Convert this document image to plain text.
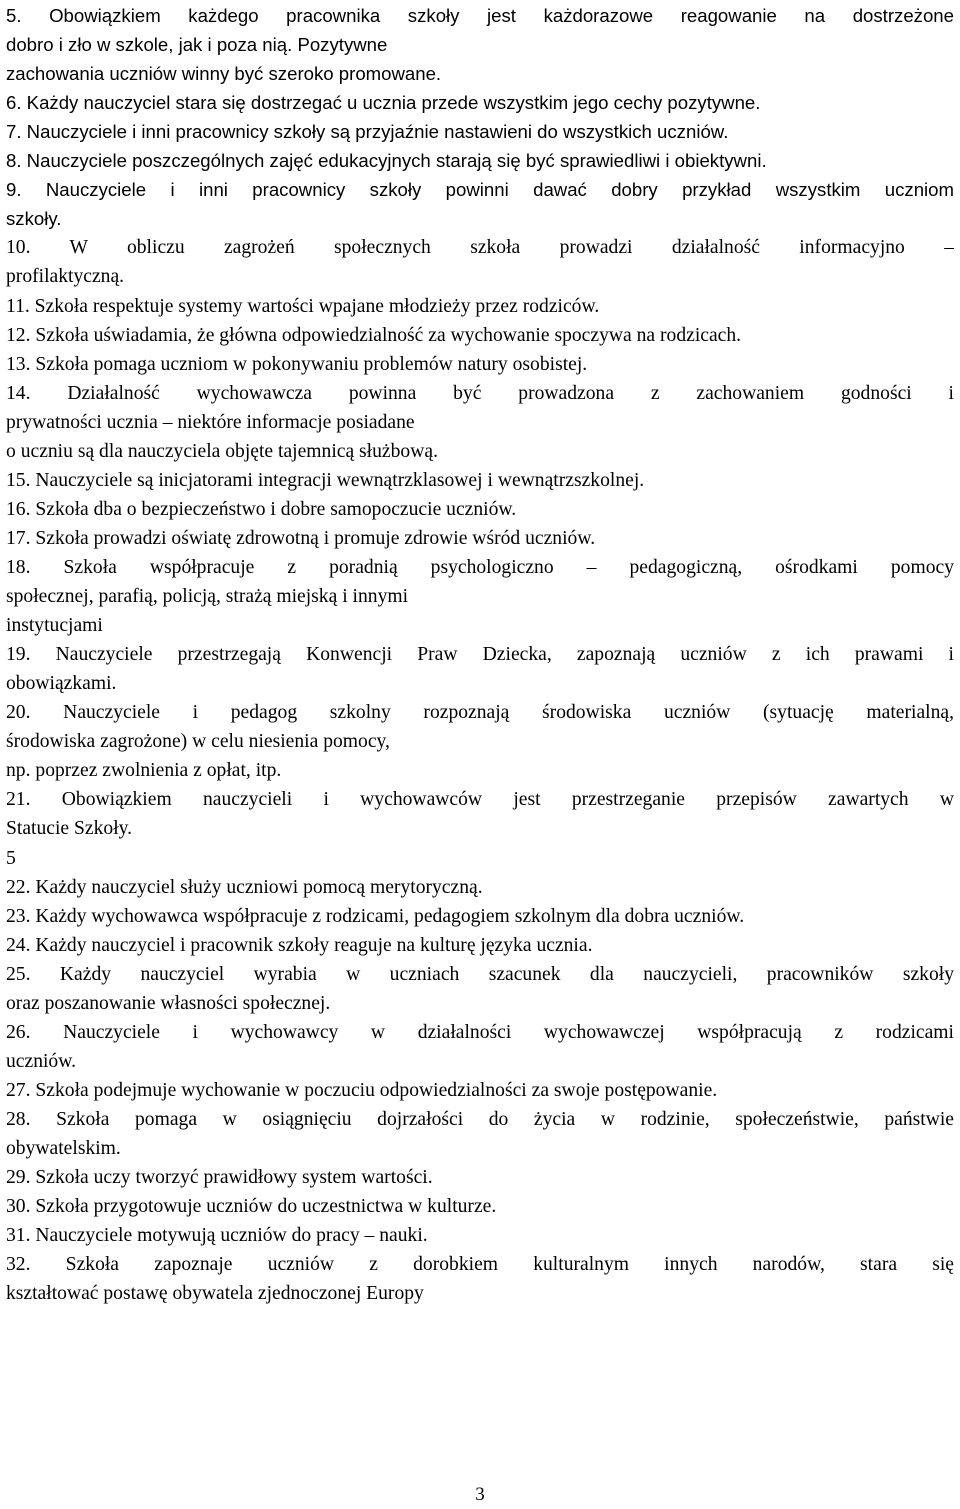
5. Obowiązkiem każdego pracownika szkoły jest każdorazowe reagowanie na dostrzeżone
dobro i zło w szkole, jak i poza nią. Pozytywne
zachowania uczniów winny być szeroko promowane.
6. Każdy nauczyciel stara się dostrzegać u ucznia przede wszystkim jego cechy pozytywne.
7. Nauczyciele i inni pracownicy szkoły są przyjaźnie nastawieni do wszystkich uczniów.
8. Nauczyciele poszczególnych zajęć edukacyjnych starają się być sprawiedliwi i obiektywni.
9. Nauczyciele i inni pracownicy szkoły powinni dawać dobry przykład wszystkim uczniom
szkoły.
10. W obliczu zagrożeń społecznych szkoła prowadzi działalność informacyjno –
profilaktyczną.
11. Szkoła respektuje systemy wartości wpajane młodzieży przez rodziców.
12. Szkoła uświadamia, że główna odpowiedzialność za wychowanie spoczywa na rodzicach.
13. Szkoła pomaga uczniom w pokonywaniu problemów natury osobistej.
14. Działalność wychowawcza powinna być prowadzona z zachowaniem godności i
prywatności ucznia – niektóre informacje posiadane
o uczniu są dla nauczyciela objęte tajemnicą służbową.
15. Nauczyciele są inicjatorami integracji wewnątrzklasowej i wewnątrzszkolnej.
16. Szkoła dba o bezpieczeństwo i dobre samopoczucie uczniów.
17. Szkoła prowadzi oświatę zdrowotną i promuje zdrowie wśród uczniów.
18. Szkoła współpracuje z poradnią psychologiczno – pedagogiczną, ośrodkami pomocy
społecznej, parafią, policją, strażą miejską i innymi
instytucjami
19. Nauczyciele przestrzegają Konwencji Praw Dziecka, zapoznają uczniów z ich prawami i
obowiązkami.
20. Nauczyciele i pedagog szkolny rozpoznają środowiska uczniów (sytuację materialną,
środowiska zagrożone) w celu niesienia pomocy,
np. poprzez zwolnienia z opłat, itp.
21. Obowiązkiem nauczycieli i wychowawców jest przestrzeganie przepisów zawartych w
Statucie Szkoły.
5
22. Każdy nauczyciel służy uczniowi pomocą merytoryczną.
23. Każdy wychowawca współpracuje z rodzicami, pedagogiem szkolnym dla dobra uczniów.
24. Każdy nauczyciel i pracownik szkoły reaguje na kulturę języka ucznia.
25. Każdy nauczyciel wyrabia w uczniach szacunek dla nauczycieli, pracowników szkoły
oraz poszanowanie własności społecznej.
26. Nauczyciele i wychowawcy w działalności wychowawczej współpracują z rodzicami
uczniów.
27. Szkoła podejmuje wychowanie w poczuciu odpowiedzialności za swoje postępowanie.
28. Szkoła pomaga w osiągnięciu dojrzałości do życia w rodzinie, społeczeństwie, państwie
obywatelskim.
29. Szkoła uczy tworzyć prawidłowy system wartości.
30. Szkoła przygotowuje uczniów do uczestnictwa w kulturze.
31. Nauczyciele motywują uczniów do pracy – nauki.
32. Szkoła zapoznaje uczniów z dorobkiem kulturalnym innych narodów, stara się
kształtować postawę obywatela zjednoczonej Europy
3
